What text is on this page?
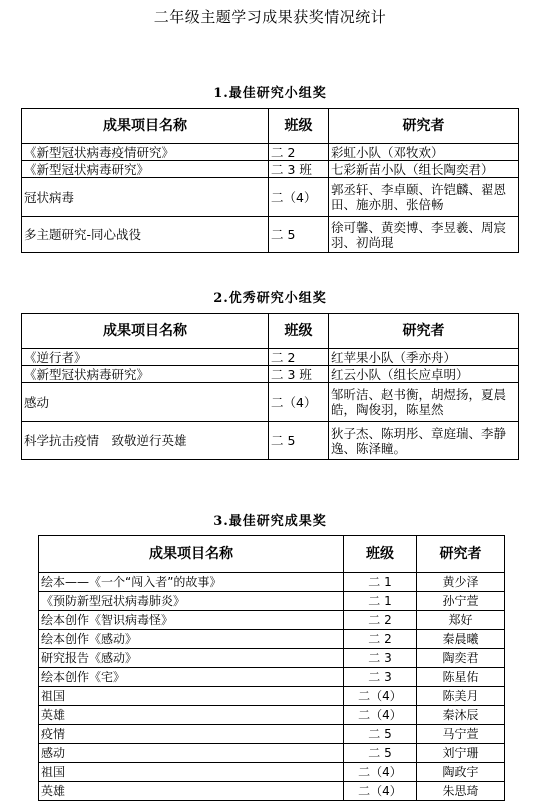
二年级主题学习成果获奖情况统计
1.最佳研究小组奖
成果项目名称	班级	研究者
《新型冠状病毒疫情研究》	二 2	彩虹小队（邓牧欢）
《新型冠状病毒研究》	二 3 班	七彩新苗小队（组长陶奕君）
冠状病毒	二（4）	郭丞轩、李卓颐、许铠麟、翟恩田、施亦朋、张倍畅
多主题研究-同心战役	二 5	徐可馨、黄奕博、李昱羲、周宸羽、初尚琨
2.优秀研究小组奖
成果项目名称	班级	研究者
《逆行者》	二 2	红苹果小队（季亦舟）
《新型冠状病毒研究》	二 3 班	红云小队（组长应卓明）
感动	二（4）	邹昕洁、赵书衡，胡煜扬，夏晨皓，陶俊羽，陈星然
科学抗击疫情　致敬逆行英雄	二 5	狄子杰、陈玥彤、章庭瑞、李静逸、陈泽瞳。
3.最佳研究成果奖
成果项目名称	班级	研究者
绘本——《一个“闯入者”的故事》	二 1	黄少泽
《预防新型冠状病毒肺炎》	二 1	孙宁萱
绘本创作《智识病毒怪》	二 2	郑好
绘本创作《感动》	二 2	秦晨曦
研究报告《感动》	二 3	陶奕君
绘本创作《宅》	二 3	陈星佑
祖国	二（4）	陈美月
英雄	二（4）	秦沐辰
疫情	二 5	马宁萱
感动	二 5	刘宁珊
祖国	二（4）	陶政宇
英雄	二（4）	朱思琦
